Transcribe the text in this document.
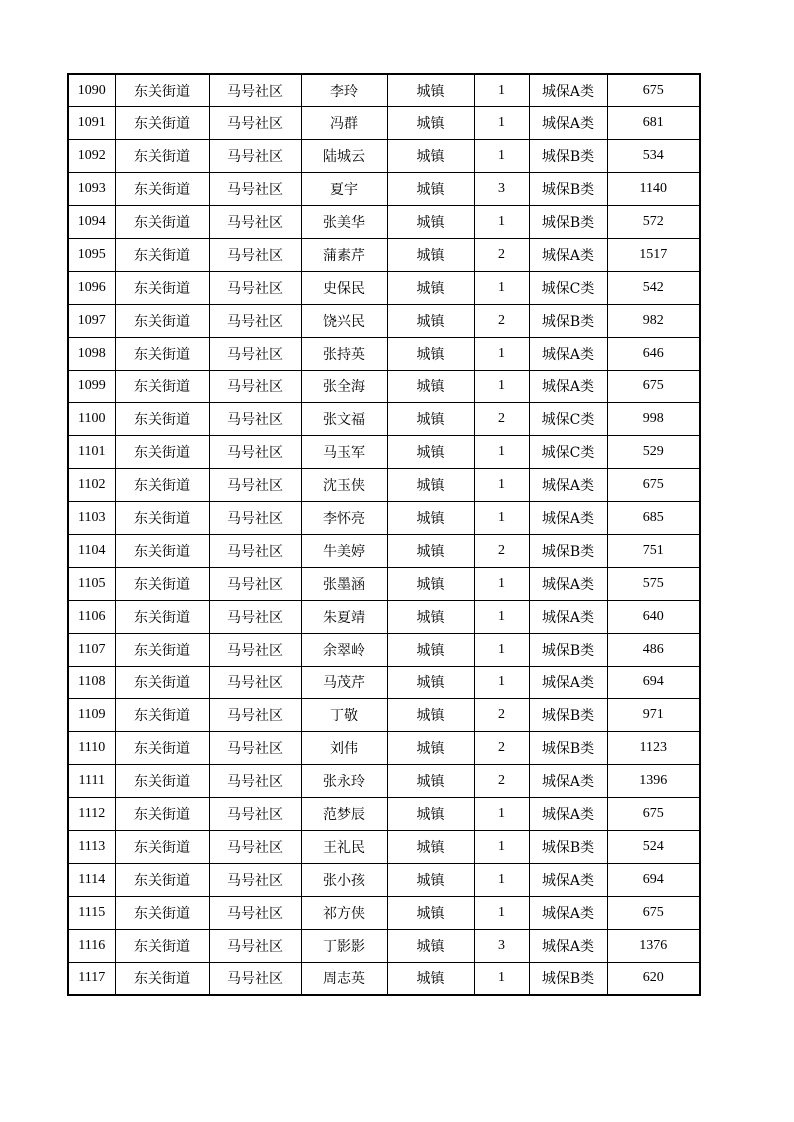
1090	东关街道	马号社区	李玲	城镇	1	城保A类	675
1091	东关街道	马号社区	冯群	城镇	1	城保A类	681
1092	东关街道	马号社区	陆城云	城镇	1	城保B类	534
1093	东关街道	马号社区	夏宇	城镇	3	城保B类	1140
1094	东关街道	马号社区	张美华	城镇	1	城保B类	572
1095	东关街道	马号社区	蒲素芹	城镇	2	城保A类	1517
1096	东关街道	马号社区	史保民	城镇	1	城保C类	542
1097	东关街道	马号社区	饶兴民	城镇	2	城保B类	982
1098	东关街道	马号社区	张持英	城镇	1	城保A类	646
1099	东关街道	马号社区	张全海	城镇	1	城保A类	675
1100	东关街道	马号社区	张文福	城镇	2	城保C类	998
1101	东关街道	马号社区	马玉军	城镇	1	城保C类	529
1102	东关街道	马号社区	沈玉侠	城镇	1	城保A类	675
1103	东关街道	马号社区	李怀亮	城镇	1	城保A类	685
1104	东关街道	马号社区	牛美婷	城镇	2	城保B类	751
1105	东关街道	马号社区	张墨涵	城镇	1	城保A类	575
1106	东关街道	马号社区	朱夏靖	城镇	1	城保A类	640
1107	东关街道	马号社区	余翠岭	城镇	1	城保B类	486
1108	东关街道	马号社区	马茂芹	城镇	1	城保A类	694
1109	东关街道	马号社区	丁敬	城镇	2	城保B类	971
1110	东关街道	马号社区	刘伟	城镇	2	城保B类	1123
1111	东关街道	马号社区	张永玲	城镇	2	城保A类	1396
1112	东关街道	马号社区	范梦辰	城镇	1	城保A类	675
1113	东关街道	马号社区	王礼民	城镇	1	城保B类	524
1114	东关街道	马号社区	张小孩	城镇	1	城保A类	694
1115	东关街道	马号社区	祁方侠	城镇	1	城保A类	675
1116	东关街道	马号社区	丁影影	城镇	3	城保A类	1376
1117	东关街道	马号社区	周志英	城镇	1	城保B类	620
